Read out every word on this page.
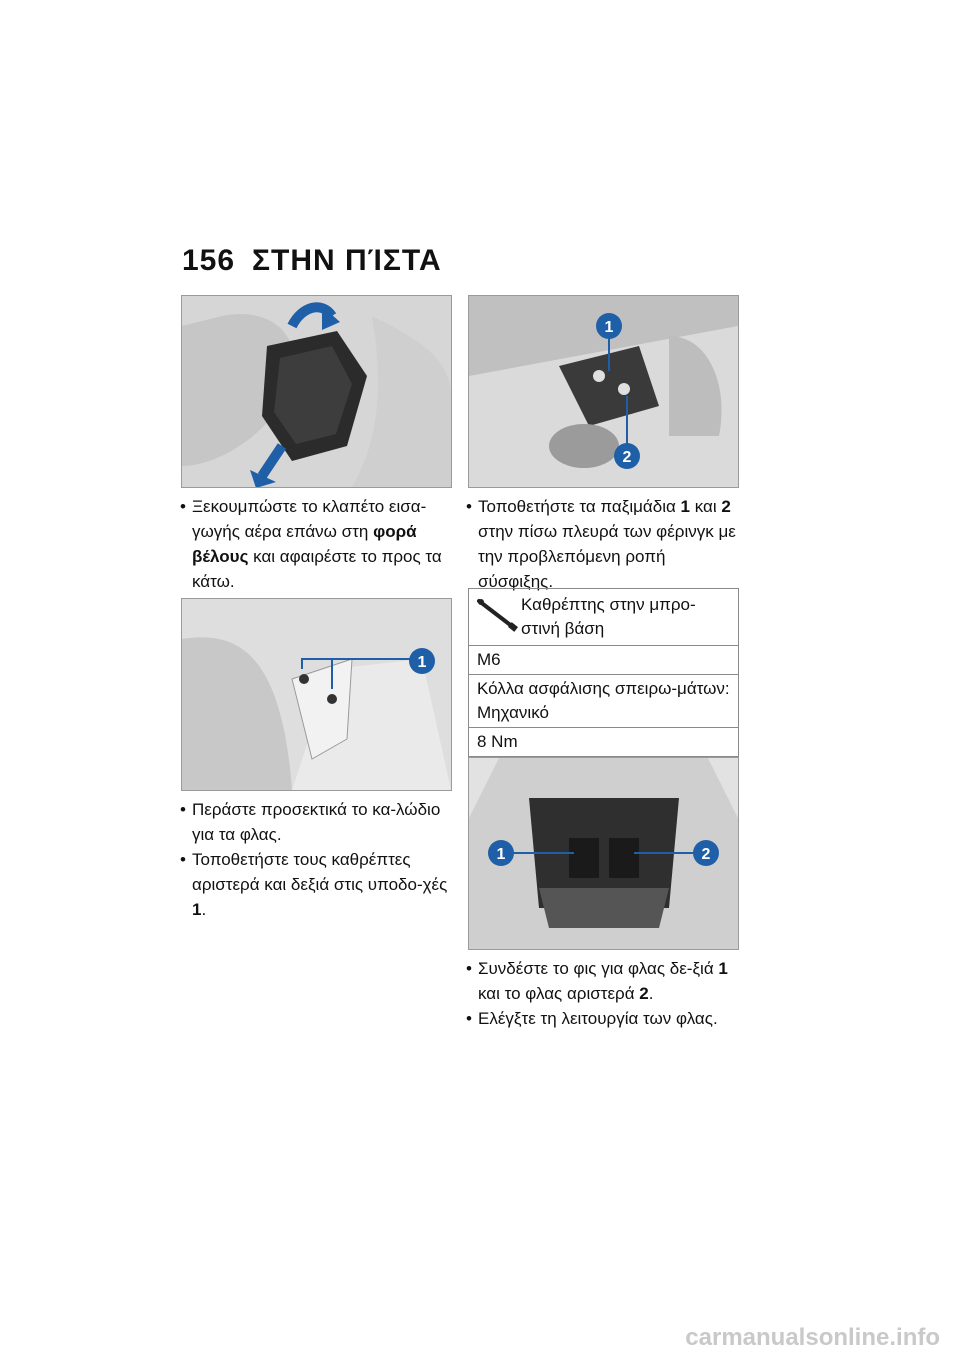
156 ΣΤΗΝ ΠΊΣΤΑ
• Ξεκουμπώστε το κλαπέτο εισα-γωγής αέρα επάνω στη φορά βέλους και αφαιρέστε το προς τα κάτω.
1
• Περάστε προσεκτικά το κα-λώδιο για τα φλας.
• Τοποθετήστε τους καθρέπτες αριστερά και δεξιά στις υποδο-χές 1.
1
2
• Τοποθετήστε τα παξιμάδια 1 και 2 στην πίσω πλευρά των φέρινγκ με την προβλεπόμενη ροπή σύσφιξης.
Καθρέπτης στην μπρο-στινή βάση
M6
Κόλλα ασφάλισης σπειρω-μάτων: Μηχανικό
8 Nm
1	2
• Συνδέστε το φις για φλας δε-ξιά 1 και το φλας αριστερά 2.
• Ελέγξτε τη λειτουργία των φλας.
carmanualsonline.info
